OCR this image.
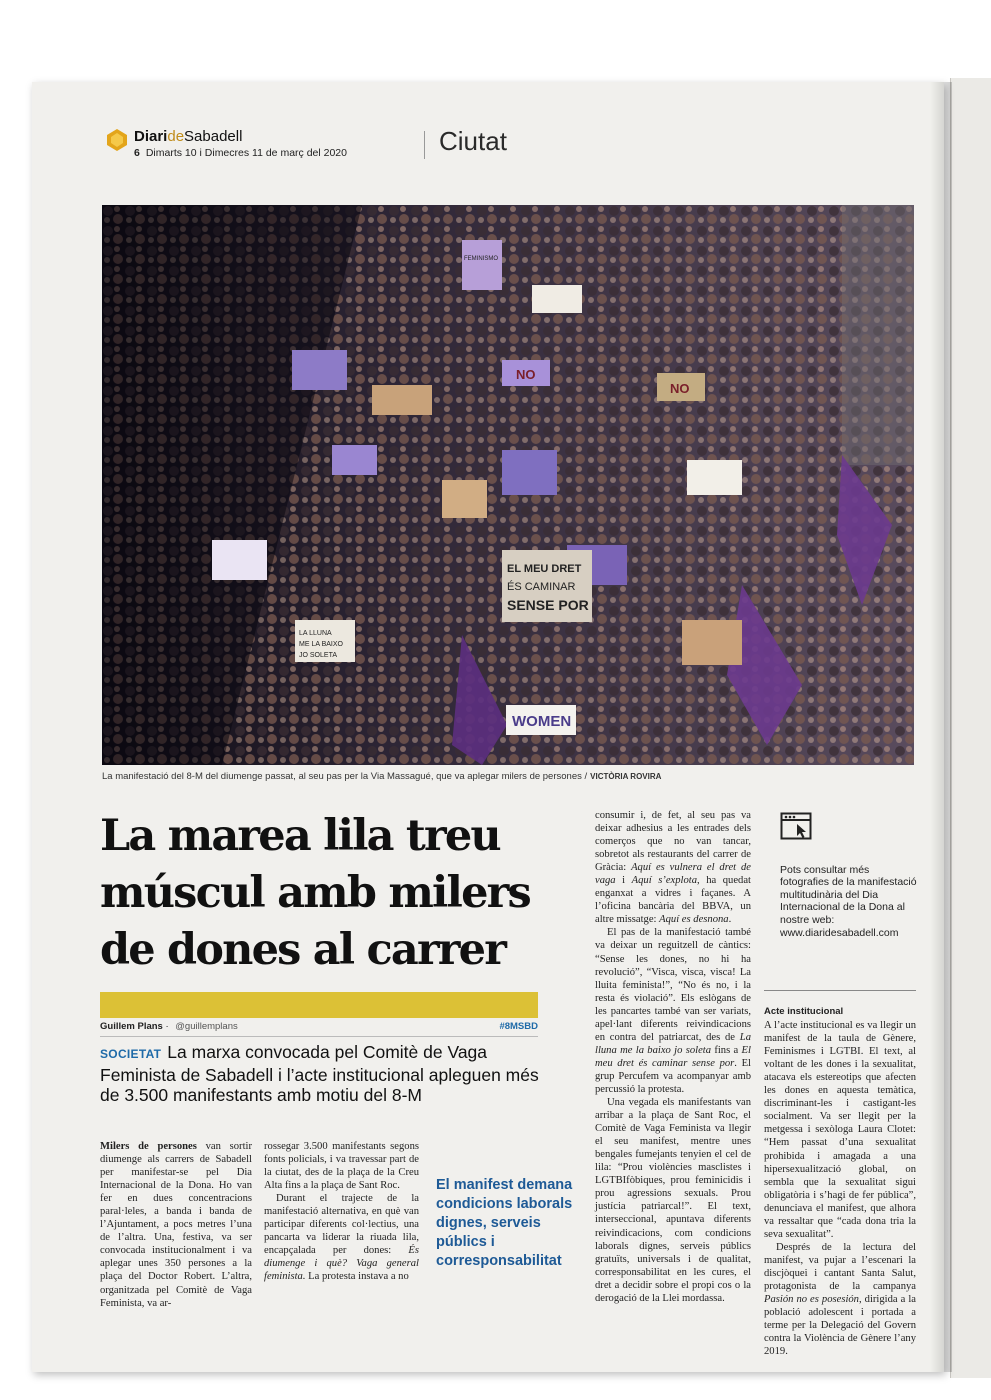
DiarideSabadell
6 Dimarts 10 i Dimecres 11 de març del 2020	Ciutat
EL MEU DRET
ÉS CAMINAR
SENSE POR
WOMEN
LA LLUNA
ME LA BAIXO
JO SOLETA
FEMINISMO
NO
NO
La manifestació del 8-M del diumenge passat, al seu pas per la Via Massagué, que va aplegar milers de persones / VICTÒRIA ROVIRA
La marea lila treu múscul amb milers de dones al carrer
Guillem Plans · @guillemplans	#8MSBD
SOCIETAT La marxa convocada pel Comitè de Vaga Feminista de Sabadell i l’acte institucional apleguen més de 3.500 manifestants amb motiu del 8-M

Milers de persones van sortir diumenge als carrers de Sabadell per manifestar-se pel Dia Internacional de la Dona. Ho van fer en dues concentracions paral·leles, a banda i banda de l’Ajuntament, a pocs metres l’una de l’altra. Una, festiva, va ser convocada institucionalment i va aplegar unes 350 persones a la plaça del Doctor Robert. L’altra, organitzada pel Comitè de Vaga Feminista, va ar-

rossegar 3.500 manifestants segons fonts policials, i va travessar part de la ciutat, des de la plaça de la Creu Alta fins a la plaça de Sant Roc.

Durant el trajecte de la manifestació alternativa, en què van participar diferents col·lectius, una pancarta va liderar la riuada lila, encapçalada per dones: És diumenge i què? Vaga general feminista. La protesta instava a no

El manifest demana condicions laborals dignes, serveis públics i corresponsabilitat

consumir i, de fet, al seu pas va deixar adhesius a les entrades dels comerços que no van tancar, sobretot als restaurants del carrer de Gràcia: Aquí es vulnera el dret de vaga i Aquí s’explota, ha quedat enganxat a vidres i façanes. A l’oficina bancària del BBVA, un altre missatge: Aquí es desnona.

El pas de la manifestació també va deixar un reguitzell de càntics: “Sense les dones, no hi ha revolució”, “Visca, visca, visca! La lluita feminista!”, “No és no, i la resta és violació”. Els eslògans de les pancartes també van ser variats, apel·lant diferents reivindicacions en contra del patriarcat, des de La lluna me la baixo jo soleta fins a El meu dret és caminar sense por. El grup Percufem va acompanyar amb percussió la protesta.

Una vegada els manifestants van arribar a la plaça de Sant Roc, el Comitè de Vaga Feminista va llegir el seu manifest, mentre unes bengales fumejants tenyien el cel de lila: “Prou violències masclistes i LGTBIfòbiques, prou feminicidis i prou agressions sexuals. Prou justícia patriarcal!”. El text, interseccional, apuntava diferents reivindicacions, com condicions laborals dignes, serveis públics gratuïts, universals i de qualitat, corresponsabilitat en les cures, el dret a decidir sobre el propi cos o la derogació de la Llei mordassa.

Pots consultar més fotografies de la manifestació multitudinària del Dia Internacional de la Dona al nostre web: www.diaridesabadell.com

Acte institucional

A l’acte institucional es va llegir un manifest de la taula de Gènere, Feminismes i LGTBI. El text, al voltant de les dones i la sexualitat, atacava els estereotips que afecten les dones en aquesta temàtica, discriminant-les i castigant-les socialment. Va ser llegit per la metgessa i sexòloga Laura Clotet: “Hem passat d’una sexualitat prohibida i amagada a una hipersexualització global, on sembla que la sexualitat sigui obligatòria i s’hagi de fer pública”, denunciava el manifest, que alhora va ressaltar que “cada dona tria la seva sexualitat”.

Després de la lectura del manifest, va pujar a l’escenari la discjòquei i cantant Santa Salut, protagonista de la campanya Pasión no es posesión, dirigida a la població adolescent i portada a terme per la Delegació del Govern contra la Violència de Gènere l’any 2019.
